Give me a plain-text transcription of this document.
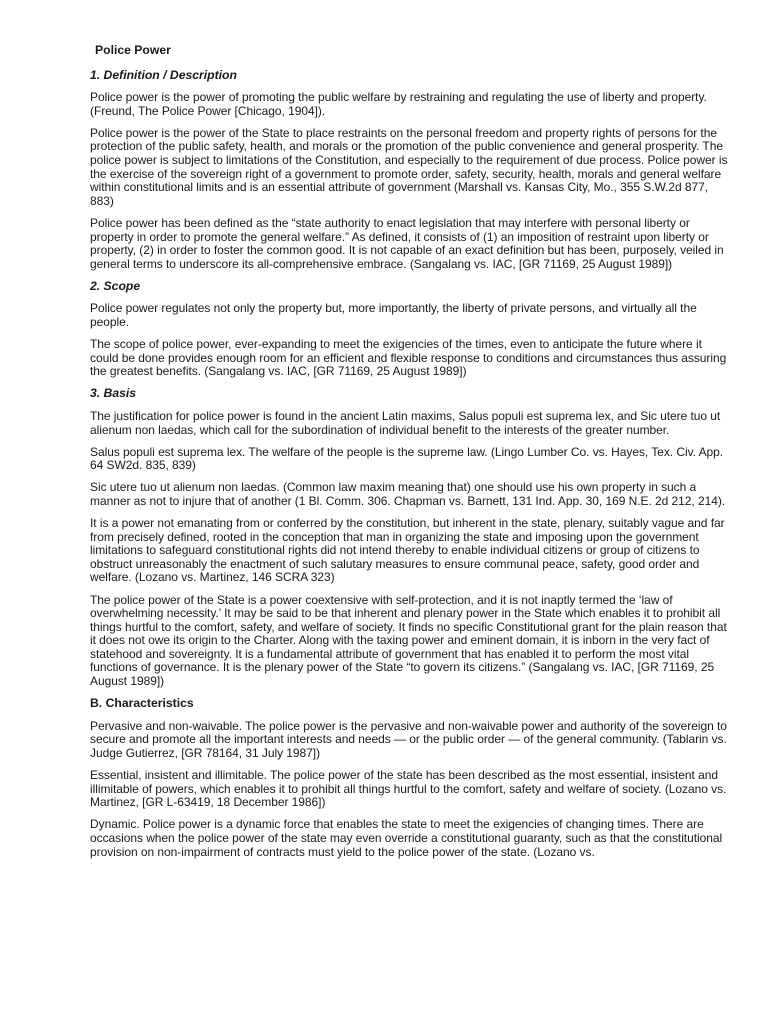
Police Power
1. Definition / Description

Police power is the power of promoting the public welfare by restraining and regulating the use of liberty and property. (Freund, The Police Power [Chicago, 1904]).

Police power is the power of the State to place restraints on the personal freedom and property rights of persons for the protection of the public safety, health, and morals or the promotion of the public convenience and general prosperity. The police power is subject to limitations of the Constitution, and especially to the requirement of due process. Police power is the exercise of the sovereign right of a government to promote order, safety, security, health, morals and general welfare within constitutional limits and is an essential attribute of government (Marshall vs. Kansas City, Mo., 355 S.W.2d 877, 883)

Police power has been defined as the “state authority to enact legislation that may interfere with personal liberty or property in order to promote the general welfare.” As defined, it consists of (1) an imposition of restraint upon liberty or property, (2) in order to foster the common good. It is not capable of an exact definition but has been, purposely, veiled in general terms to underscore its all-comprehensive embrace. (Sangalang vs. IAC, [GR 71169, 25 August 1989])

2. Scope

Police power regulates not only the property but, more importantly, the liberty of private persons, and virtually all the people.

The scope of police power, ever-expanding to meet the exigencies of the times, even to anticipate the future where it could be done provides enough room for an efficient and flexible response to conditions and circumstances thus assuring the greatest benefits. (Sangalang vs. IAC, [GR 71169, 25 August 1989])

3. Basis

The justification for police power is found in the ancient Latin maxims, Salus populi est suprema lex, and Sic utere tuo ut alienum non laedas, which call for the subordination of individual benefit to the interests of the greater number.

Salus populi est suprema lex. The welfare of the people is the supreme law. (Lingo Lumber Co. vs. Hayes, Tex. Civ. App. 64 SW2d. 835, 839)

Sic utere tuo ut alienum non laedas. (Common law maxim meaning that) one should use his own property in such a manner as not to injure that of another (1 Bl. Comm. 306. Chapman vs. Barnett, 131 Ind. App. 30, 169 N.E. 2d 212, 214).

It is a power not emanating from or conferred by the constitution, but inherent in the state, plenary, suitably vague and far from precisely defined, rooted in the conception that man in organizing the state and imposing upon the government limitations to safeguard constitutional rights did not intend thereby to enable individual citizens or group of citizens to obstruct unreasonably the enactment of such salutary measures to ensure communal peace, safety, good order and welfare. (Lozano vs. Martinez, 146 SCRA 323)

The police power of the State is a power coextensive with self-protection, and it is not inaptly termed the ‘law of overwhelming necessity.’ It may be said to be that inherent and plenary power in the State which enables it to prohibit all things hurtful to the comfort, safety, and welfare of society. It finds no specific Constitutional grant for the plain reason that it does not owe its origin to the Charter. Along with the taxing power and eminent domain, it is inborn in the very fact of statehood and sovereignty. It is a fundamental attribute of government that has enabled it to perform the most vital functions of governance. It is the plenary power of the State “to govern its citizens.” (Sangalang vs. IAC, [GR 71169, 25 August 1989])

B. Characteristics

Pervasive and non-waivable. The police power is the pervasive and non-waivable power and authority of the sovereign to secure and promote all the important interests and needs — or the public order — of the general community. (Tablarin vs. Judge Gutierrez, [GR 78164, 31 July 1987])

Essential, insistent and illimitable. The police power of the state has been described as the most essential, insistent and illimitable of powers, which enables it to prohibit all things hurtful to the comfort, safety and welfare of society. (Lozano vs. Martinez, [GR L-63419, 18 December 1986])

Dynamic. Police power is a dynamic force that enables the state to meet the exigencies of changing times. There are occasions when the police power of the state may even override a constitutional guaranty, such as that the constitutional provision on non-impairment of contracts must yield to the police power of the state. (Lozano vs.
